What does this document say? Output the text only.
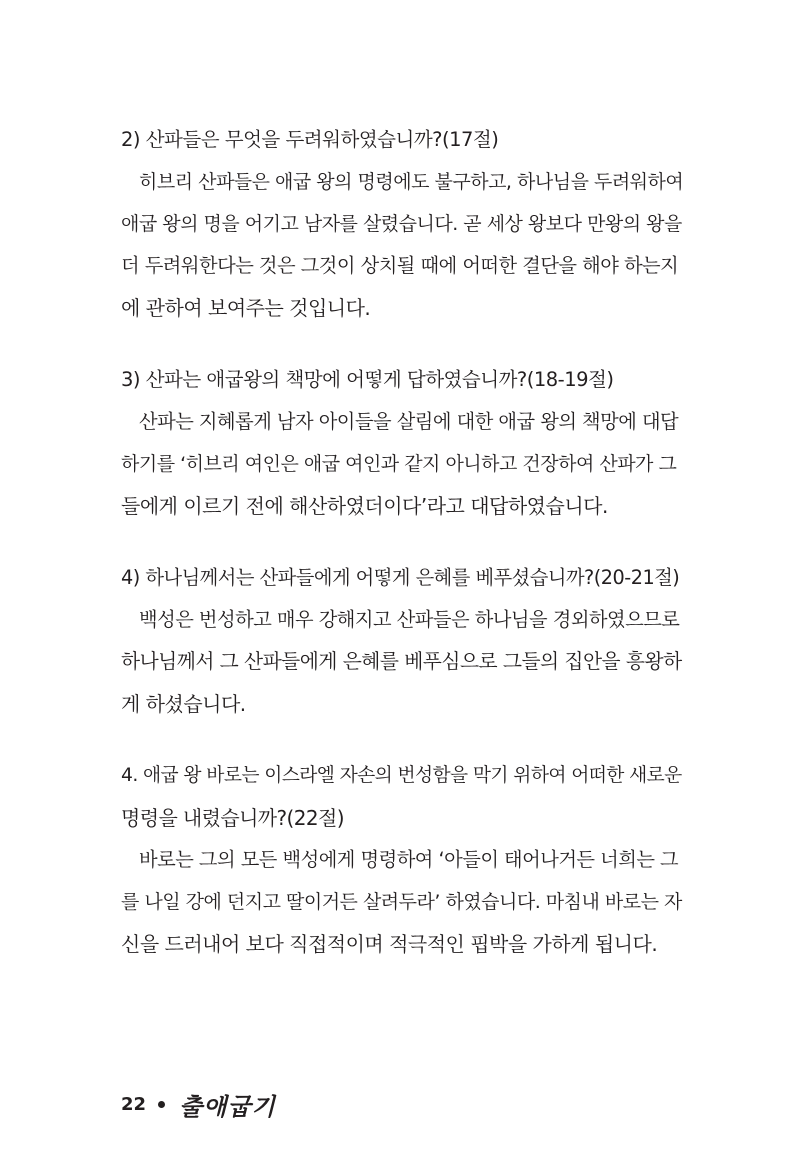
2) 산파들은 무엇을 두려워하였습니까?(17절)
히브리 산파들은 애굽 왕의 명령에도 불구하고, 하나님을 두려워하여
애굽 왕의 명을 어기고 남자를 살렸습니다. 곧 세상 왕보다 만왕의 왕을
더 두려워한다는 것은 그것이 상치될 때에 어떠한 결단을 해야 하는지
에 관하여 보여주는 것입니다.
3) 산파는 애굽왕의 책망에 어떻게 답하였습니까?(18-19절)
산파는 지혜롭게 남자 아이들을 살림에 대한 애굽 왕의 책망에 대답
하기를 ‘히브리 여인은 애굽 여인과 같지 아니하고 건장하여 산파가 그
들에게 이르기 전에 해산하였더이다’라고 대답하였습니다.
4) 하나님께서는 산파들에게 어떻게 은혜를 베푸셨습니까?(20-21절)
백성은 번성하고 매우 강해지고 산파들은 하나님을 경외하였으므로
하나님께서 그 산파들에게 은혜를 베푸심으로 그들의 집안을 흥왕하
게 하셨습니다.
4. 애굽 왕 바로는 이스라엘 자손의 번성함을 막기 위하여 어떠한 새로운
명령을 내렸습니까?(22절)
바로는 그의 모든 백성에게 명령하여 ‘아들이 태어나거든 너희는 그
를 나일 강에 던지고 딸이거든 살려두라’ 하였습니다. 마침내 바로는 자
신을 드러내어 보다 직접적이며 적극적인 핍박을 가하게 됩니다.
22 출애굽기
